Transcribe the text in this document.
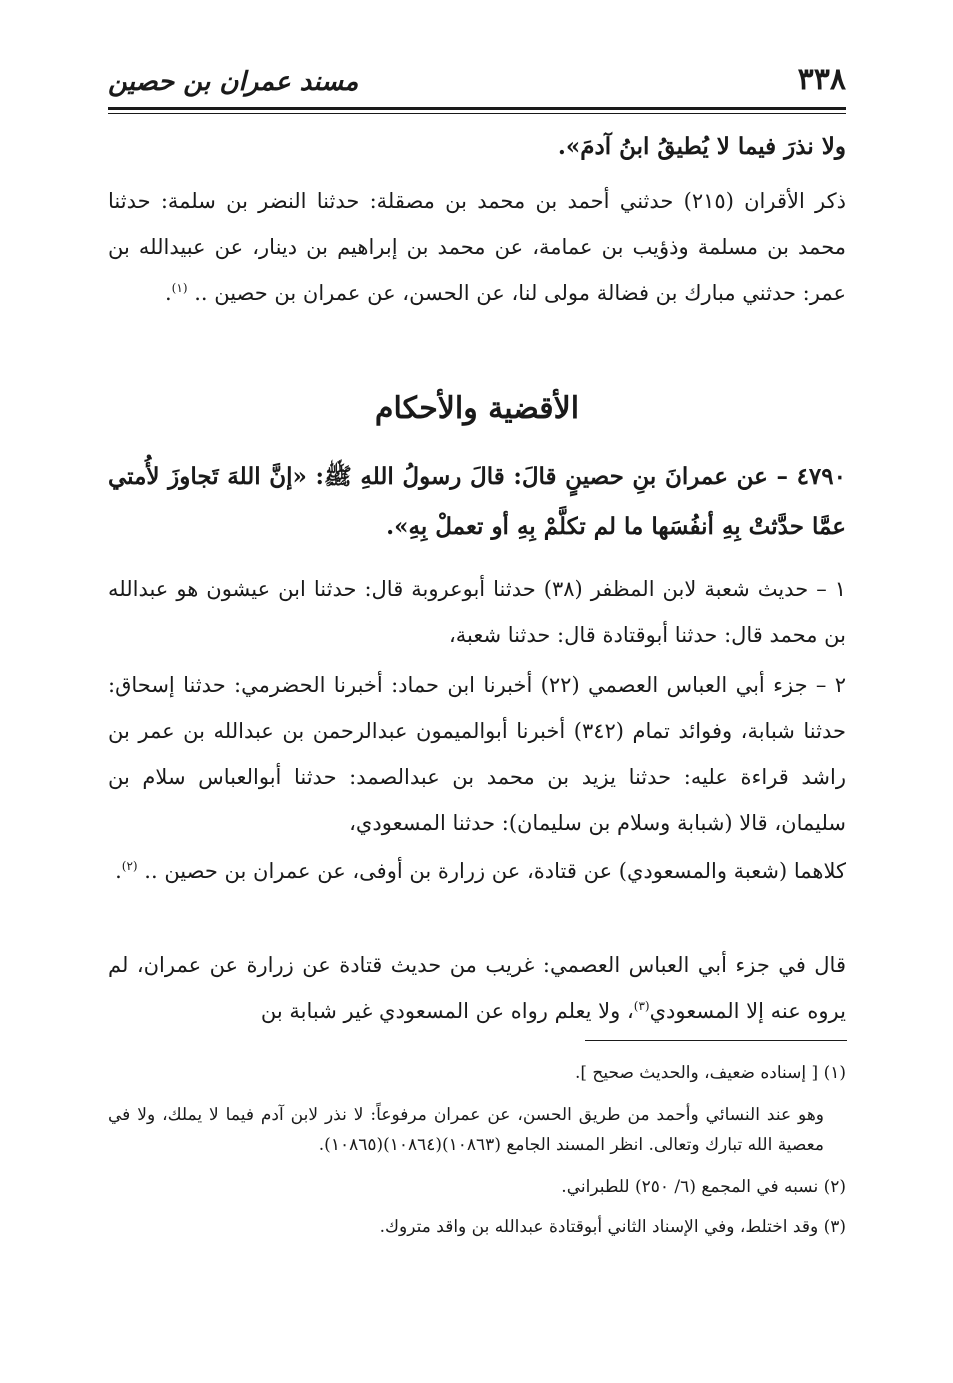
٣٣٨
مسند عمران بن حصين
ولا نذرَ فيما لا يُطيقُ ابنُ آدمَ».
ذكر الأقران (٢١٥) حدثني أحمد بن محمد بن مصقلة: حدثنا النضر بن سلمة: حدثنا محمد بن مسلمة وذؤيب بن عمامة، عن محمد بن إبراهيم بن دينار، عن عبيدالله بن عمر: حدثني مبارك بن فضالة مولى لنا، عن الحسن، عن عمران بن حصين .. $^{(١)}$.
الأقضية والأحكام
٤٧٩٠ – عن عمرانَ بنِ حصينٍ قالَ: قالَ رسولُ اللهِ ﷺ: «إنَّ اللهَ تَجاوزَ لأُمتي عمَّا حدَّثتْ بِهِ أنفُسَها ما لم تكلَّمْ بِهِ أو تعملْ بِهِ».
١ – حديث شعبة لابن المظفر (٣٨) حدثنا أبوعروبة قال: حدثنا ابن عيشون هو عبدالله بن محمد قال: حدثنا أبوقتادة قال: حدثنا شعبة،
٢ – جزء أبي العباس العصمي (٢٢) أخبرنا ابن حماد: أخبرنا الحضرمي: حدثنا إسحاق: حدثنا شبابة، وفوائد تمام (٣٤٢) أخبرنا أبوالميمون عبدالرحمن بن عبدالله بن عمر بن راشد قراءة عليه: حدثنا يزيد بن محمد بن عبدالصمد: حدثنا أبوالعباس سلام بن سليمان، قالا (شبابة وسلام بن سليمان): حدثنا المسعودي،
كلاهما (شعبة والمسعودي) عن قتادة، عن زرارة بن أوفى، عن عمران بن حصين .. $^{(٢)}$.
قال في جزء أبي العباس العصمي: غريب من حديث قتادة عن زرارة عن عمران، لم يروه عنه إلا المسعودي$^{(٣)}$، ولا يعلم رواه عن المسعودي غير شبابة بن
(١) [ إسناده ضعيف، والحديث صحيح ].
وهو عند النسائي وأحمد من طريق الحسن، عن عمران مرفوعاً: لا نذر لابن آدم فيما لا يملك، ولا في معصية الله تبارك وتعالى. انظر المسند الجامع (١٠٨٦٣)(١٠٨٦٤)(١٠٨٦٥).
(٢) نسبه في المجمع (٦/ ٢٥٠) للطبراني.
(٣) وقد اختلط، وفي الإسناد الثاني أبوقتادة عبدالله بن واقد متروك.
